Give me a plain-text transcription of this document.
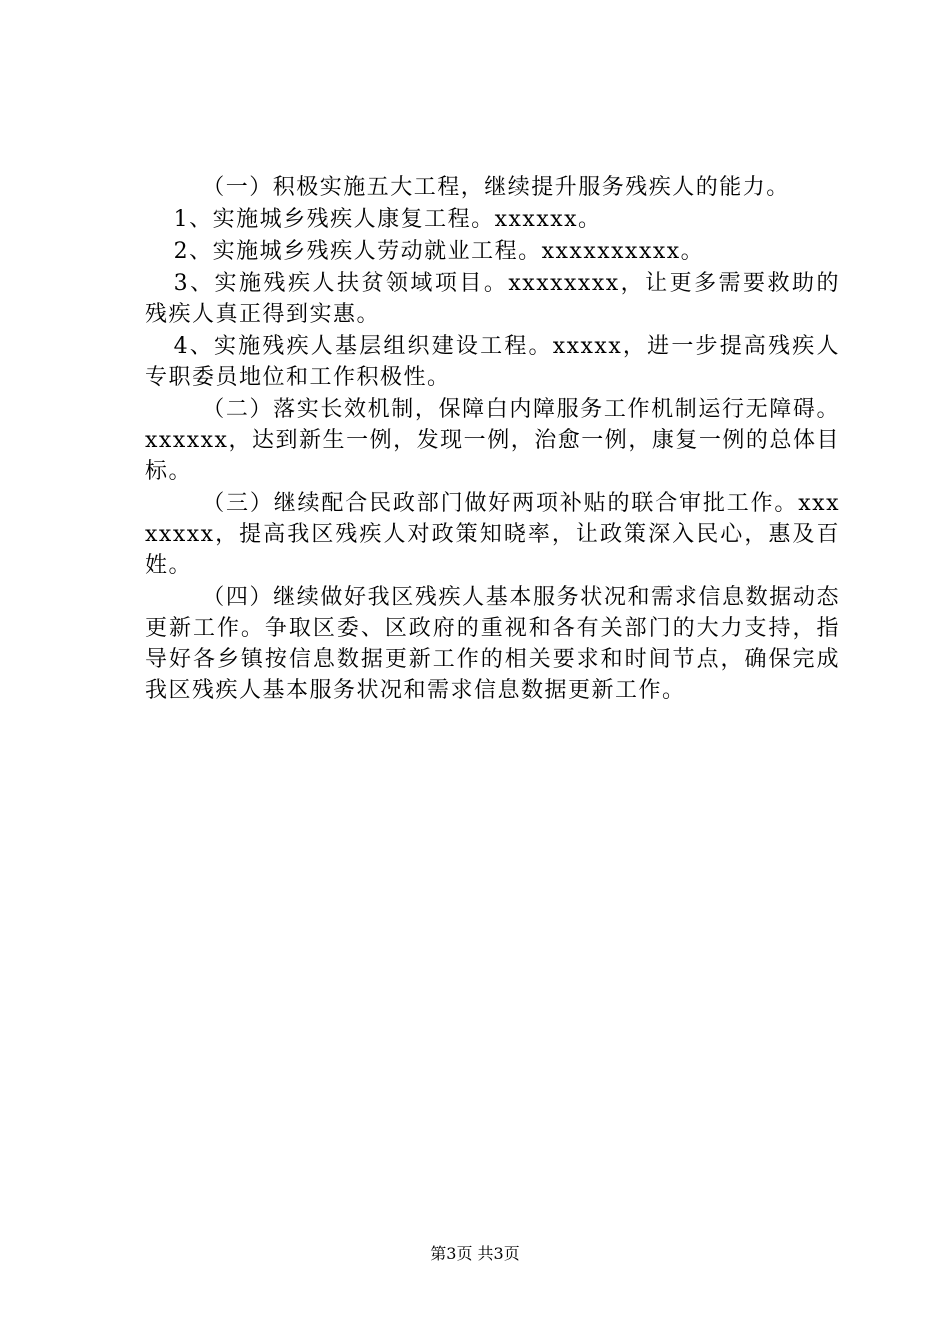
（一）积极实施五大工程，继续提升服务残疾人的能力。

1、实施城乡残疾人康复工程。xxxxxx。

2、实施城乡残疾人劳动就业工程。xxxxxxxxxx。

3、实施残疾人扶贫领域项目。xxxxxxxx，让更多需要救助的残疾人真正得到实惠。

4、实施残疾人基层组织建设工程。xxxxx，进一步提高残疾人专职委员地位和工作积极性。

（二）落实长效机制，保障白内障服务工作机制运行无障碍。xxxxxx，达到新生一例，发现一例，治愈一例，康复一例的总体目标。

（三）继续配合民政部门做好两项补贴的联合审批工作。xxxxxxxx，提高我区残疾人对政策知晓率，让政策深入民心，惠及百姓。

（四）继续做好我区残疾人基本服务状况和需求信息数据动态更新工作。争取区委、区政府的重视和各有关部门的大力支持，指导好各乡镇按信息数据更新工作的相关要求和时间节点，确保完成我区残疾人基本服务状况和需求信息数据更新工作。

第3页 共3页
